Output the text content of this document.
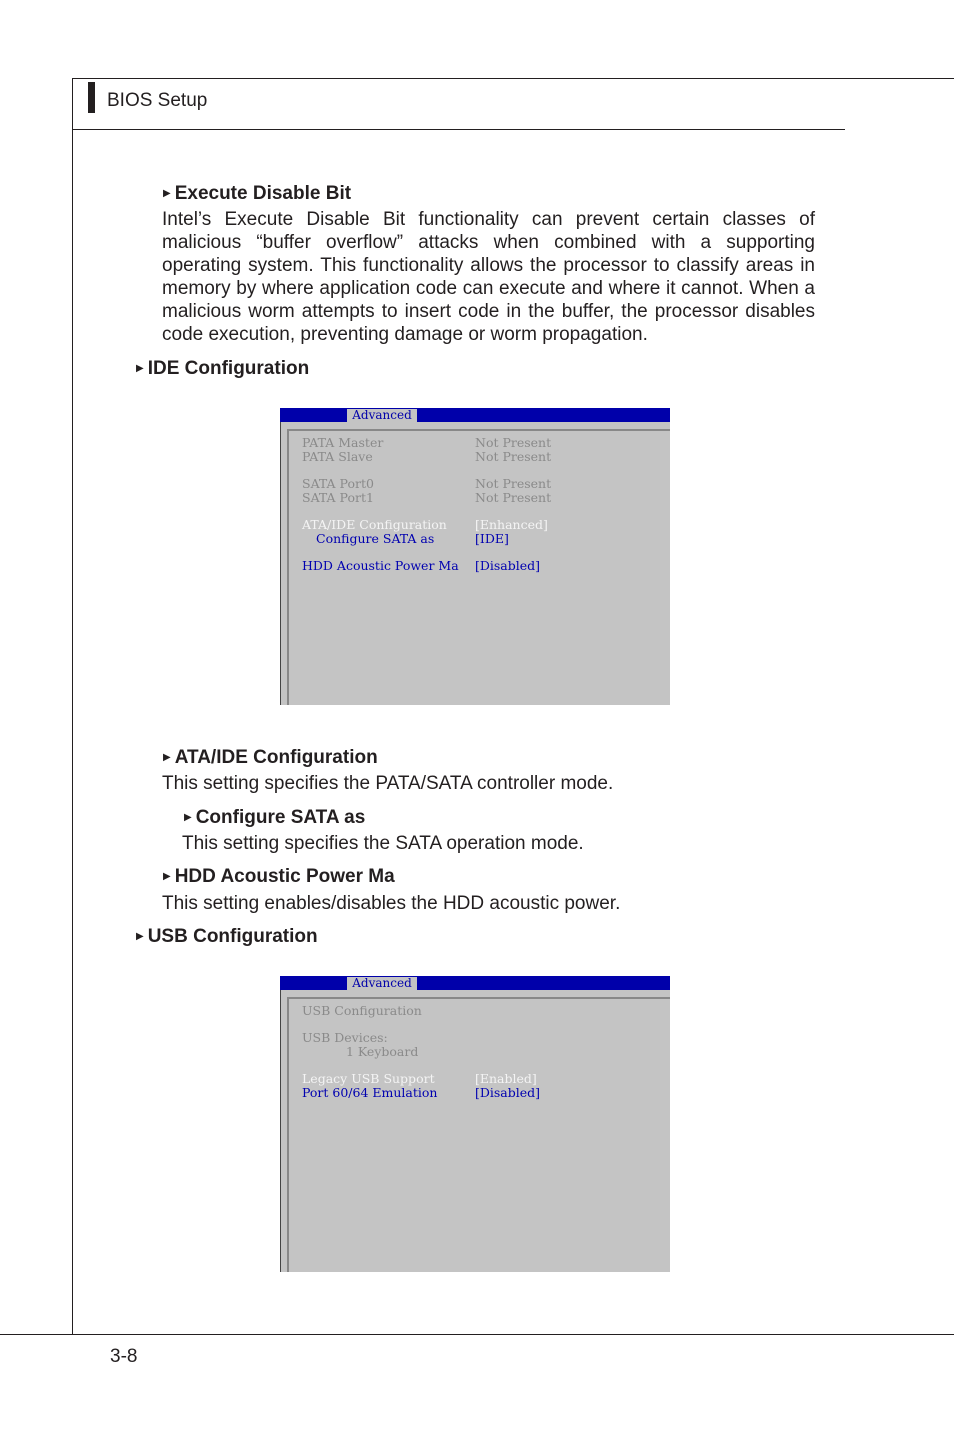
BIOS Setup
3-8
▶ Execute Disable Bit

Intel’s Execute Disable Bit functionality can prevent certain classes of malicious “buffer overflow” attacks when combined with a supporting operating system. This functionality allows the processor to classify areas in memory by where application code can execute and where it cannot. When a malicious worm attempts to insert code in the buffer, the processor disables code execution, preventing damage or worm propagation.

▶ IDE Configuration
Advanced
PATA Master	Not Present
PATA Slave	Not Present
SATA Port0	Not Present
SATA Port1	Not Present
ATA/IDE Configuration [Enhanced]
Configure SATA as	[IDE]
HDD Acoustic Power Ma [Disabled]
▶ ATA/IDE Configuration
This setting specifies the PATA/SATA controller mode.
▶ Configure SATA as
This setting specifies the SATA operation mode.
▶ HDD Acoustic Power Ma
This setting enables/disables the HDD acoustic power.
▶ USB Configuration
Advanced
USB Configuration
USB Devices:
1 Keyboard
Legacy USB Support	[Enabled]
Port 60/64 Emulation	[Disabled]
